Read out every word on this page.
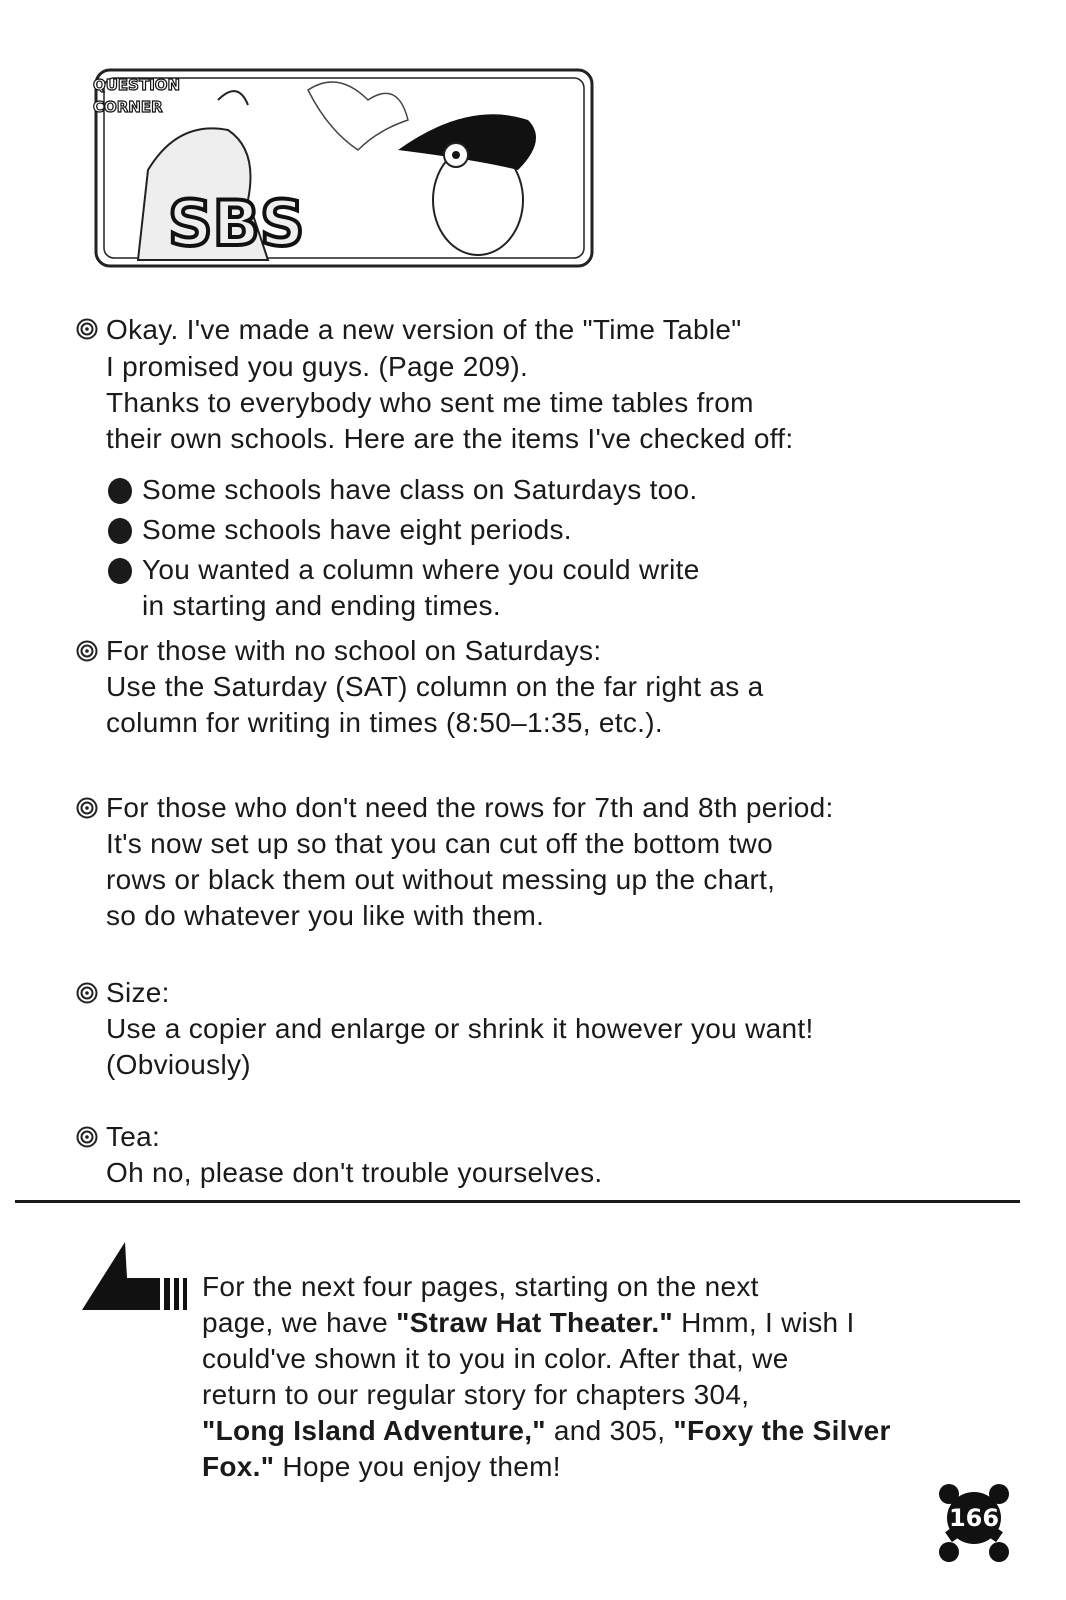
SBS
QUESTION
CORNER
Okay. I've made a new version of the "Time Table"
I promised you guys. (Page 209).
Thanks to everybody who sent me time tables from
their own schools. Here are the items I've checked off:
Some schools have class on Saturdays too.
Some schools have eight periods.
You wanted a column where you could write
in starting and ending times.
For those with no school on Saturdays:
Use the Saturday (SAT) column on the far right as a
column for writing in times (8:50–1:35, etc.).
For those who don't need the rows for 7th and 8th period:
It's now set up so that you can cut off the bottom two
rows or black them out without messing up the chart,
so do whatever you like with them.
Size:
Use a copier and enlarge or shrink it however you want!
(Obviously)
Tea:
Oh no, please don't trouble yourselves.
For the next four pages, starting on the next
page, we have "Straw Hat Theater." Hmm, I wish I
could've shown it to you in color. After that, we
return to our regular story for chapters 304,
"Long Island Adventure," and 305, "Foxy the Silver
Fox." Hope you enjoy them!
166
